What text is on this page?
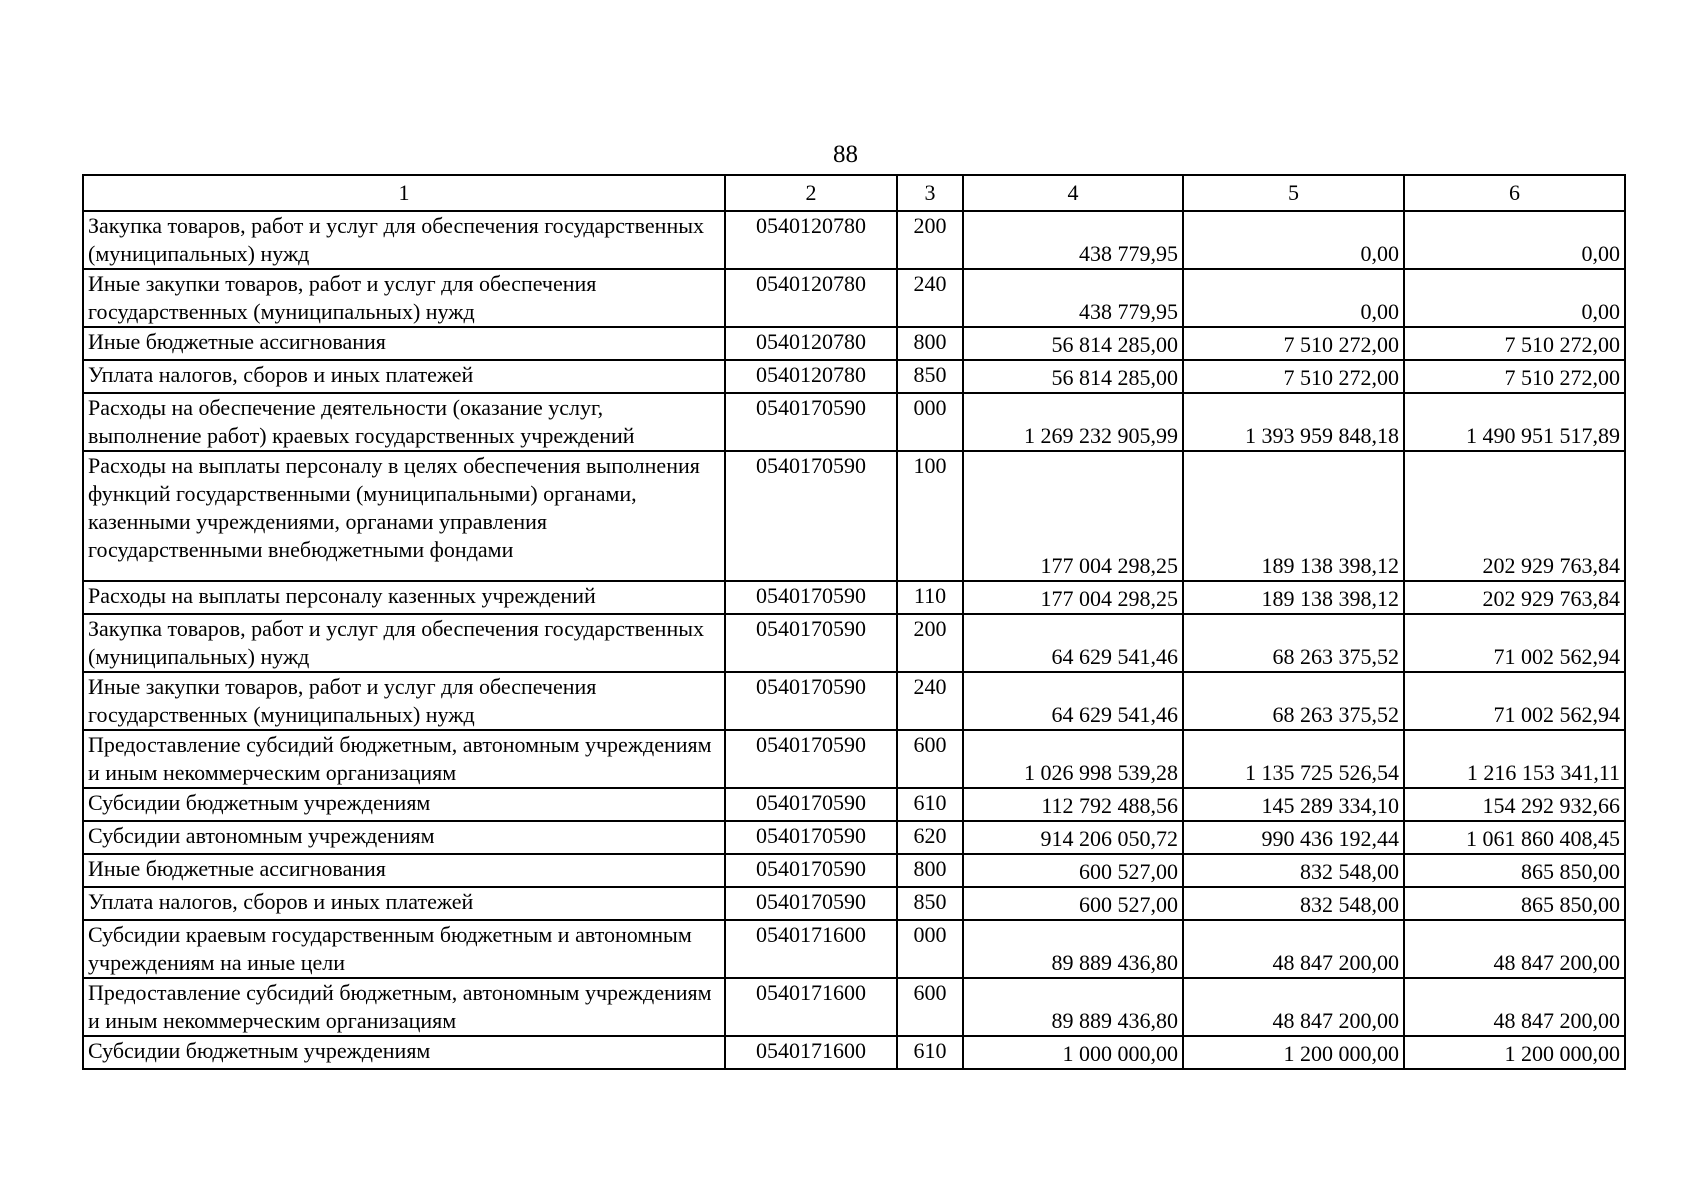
88
1	2	3	4	5	6
Закупка товаров, работ и услуг для обеспечения государственных (муниципальных) нужд	0540120780	200	438 779,95	0,00	0,00
Иные закупки товаров, работ и услуг для обеспечения государственных (муниципальных) нужд	0540120780	240	438 779,95	0,00	0,00
Иные бюджетные ассигнования	0540120780	800	56 814 285,00	7 510 272,00	7 510 272,00
Уплата налогов, сборов и иных платежей	0540120780	850	56 814 285,00	7 510 272,00	7 510 272,00
Расходы на обеспечение деятельности (оказание услуг, выполнение работ) краевых государственных учреждений	0540170590	000	1 269 232 905,99	1 393 959 848,18	1 490 951 517,89
Расходы на выплаты персоналу в целях обеспечения выполнения функций государственными (муниципальными) органами, казенными учреждениями, органами управления государственными внебюджетными фондами	0540170590	100	177 004 298,25	189 138 398,12	202 929 763,84
Расходы на выплаты персоналу казенных учреждений	0540170590	110	177 004 298,25	189 138 398,12	202 929 763,84
Закупка товаров, работ и услуг для обеспечения государственных (муниципальных) нужд	0540170590	200	64 629 541,46	68 263 375,52	71 002 562,94
Иные закупки товаров, работ и услуг для обеспечения государственных (муниципальных) нужд	0540170590	240	64 629 541,46	68 263 375,52	71 002 562,94
Предоставление субсидий бюджетным, автономным учреждениям и иным некоммерческим организациям	0540170590	600	1 026 998 539,28	1 135 725 526,54	1 216 153 341,11
Субсидии бюджетным учреждениям	0540170590	610	112 792 488,56	145 289 334,10	154 292 932,66
Субсидии автономным учреждениям	0540170590	620	914 206 050,72	990 436 192,44	1 061 860 408,45
Иные бюджетные ассигнования	0540170590	800	600 527,00	832 548,00	865 850,00
Уплата налогов, сборов и иных платежей	0540170590	850	600 527,00	832 548,00	865 850,00
Субсидии краевым государственным бюджетным и автономным учреждениям на иные цели	0540171600	000	89 889 436,80	48 847 200,00	48 847 200,00
Предоставление субсидий бюджетным, автономным учреждениям и иным некоммерческим организациям	0540171600	600	89 889 436,80	48 847 200,00	48 847 200,00
Субсидии бюджетным учреждениям	0540171600	610	1 000 000,00	1 200 000,00	1 200 000,00
